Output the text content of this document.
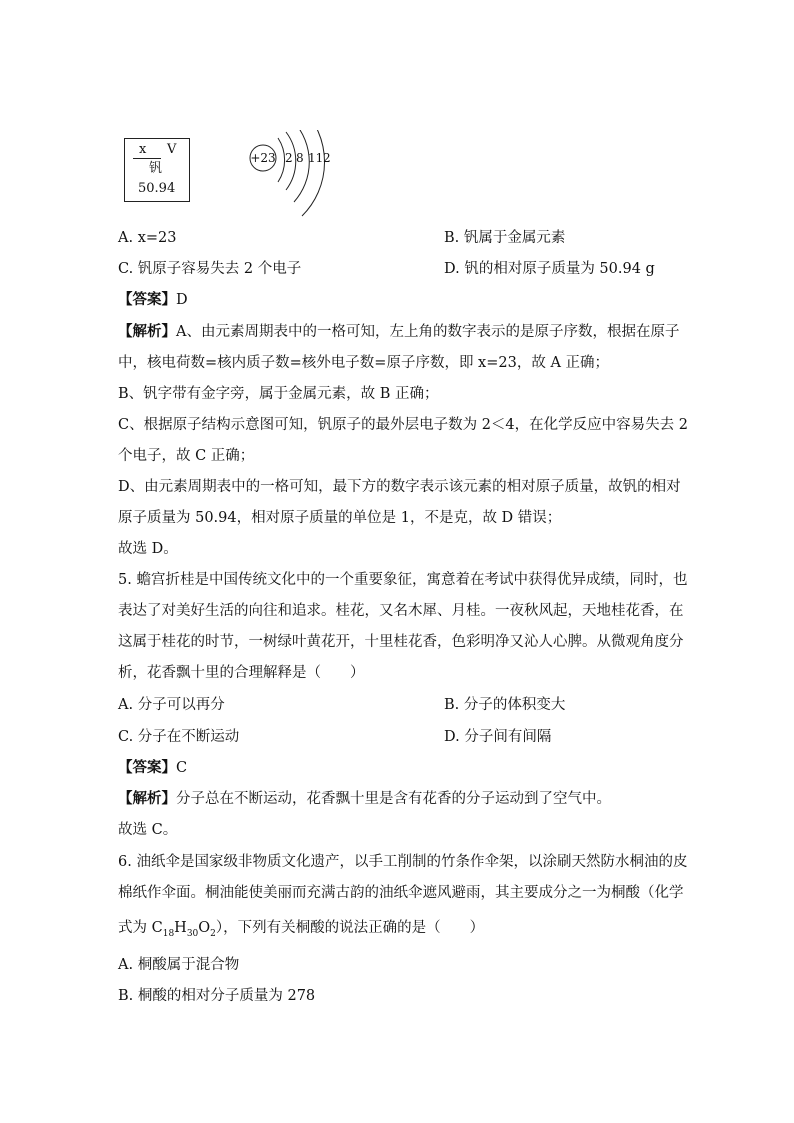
x V
钒
50.94
+23 2 8 11 2
A. x=23	B. 钒属于金属元素
C. 钒原子容易失去 2 个电子	D. 钒的相对原子质量为 50.94 g
【答案】D
【解析】A、由元素周期表中的一格可知，左上角的数字表示的是原子序数，根据在原子
中，核电荷数=核内质子数=核外电子数=原子序数，即 x=23，故 A 正确；
B、钒字带有金字旁，属于金属元素，故 B 正确；
C、根据原子结构示意图可知，钒原子的最外层电子数为 2＜4，在化学反应中容易失去 2
个电子，故 C 正确；
D、由元素周期表中的一格可知，最下方的数字表示该元素的相对原子质量，故钒的相对
原子质量为 50.94，相对原子质量的单位是 1，不是克，故 D 错误；
故选 D。
5. 蟾宫折桂是中国传统文化中的一个重要象征，寓意着在考试中获得优异成绩，同时，也
表达了对美好生活的向往和追求。桂花，又名木犀、月桂。一夜秋风起，天地桂花香，在
这属于桂花的时节，一树绿叶黄花开，十里桂花香，色彩明净又沁人心脾。从微观角度分
析，花香飘十里的合理解释是（　　）
A. 分子可以再分	B. 分子的体积变大
C. 分子在不断运动	D. 分子间有间隔
【答案】C
【解析】分子总在不断运动，花香飘十里是含有花香的分子运动到了空气中。
故选 C。
6. 油纸伞是国家级非物质文化遗产，以手工削制的竹条作伞架，以涂刷天然防水桐油的皮
棉纸作伞面。桐油能使美丽而充满古韵的油纸伞遮风避雨，其主要成分之一为桐酸（化学
式为 $C_{18}H_{30}O_2$），下列有关桐酸的说法正确的是（　　）
A. 桐酸属于混合物
B. 桐酸的相对分子质量为 278
